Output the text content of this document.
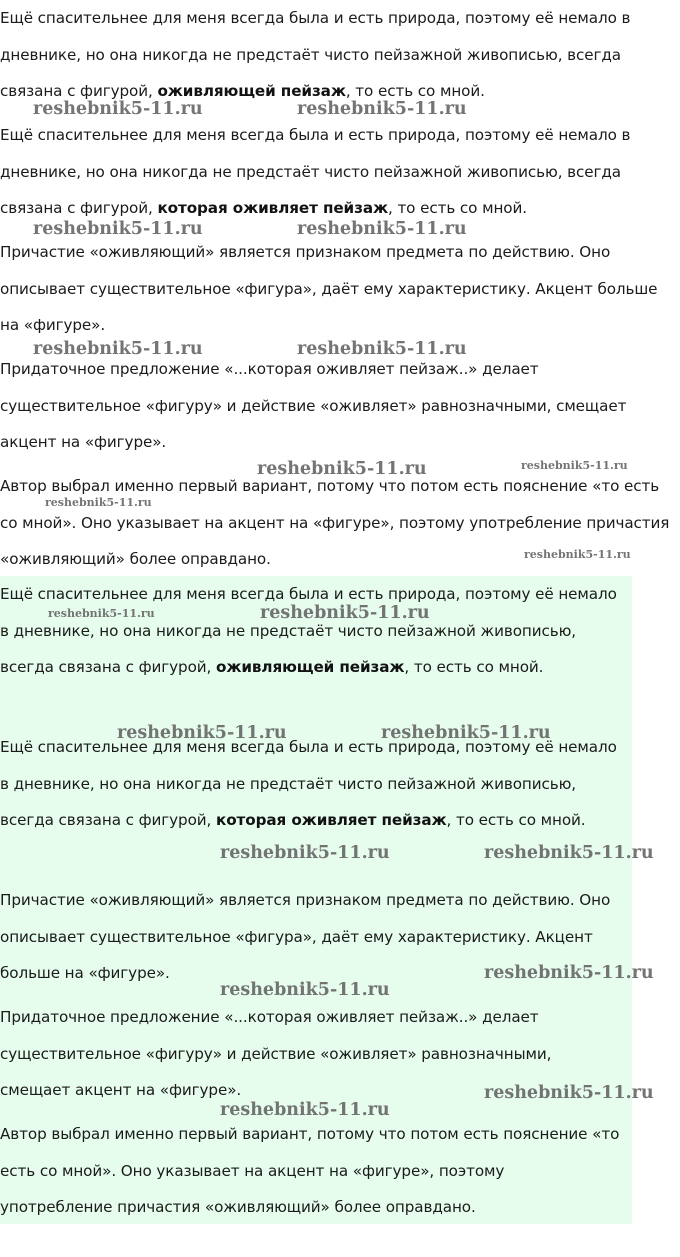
Ещё спасительнее для меня всегда была и есть природа, поэтому её немало в дневнике, но она никогда не предстаёт чисто пейзажной живописью, всегда связана с фигурой, оживляющей пейзаж, то есть со мной.

Ещё спасительнее для меня всегда была и есть природа, поэтому её немало в дневнике, но она никогда не предстаёт чисто пейзажной живописью, всегда связана с фигурой, которая оживляет пейзаж, то есть со мной.

Причастие «оживляющий» является признаком предмета по действию. Оно описывает существительное «фигура», даёт ему характеристику. Акцент больше на «фигуре».

Придаточное предложение «...которая оживляет пейзаж..» делает существительное «фигуру» и действие «оживляет» равнозначными, смещает акцент на «фигуре».

Автор выбрал именно первый вариант, потому что потом есть пояснение «то есть со мной». Оно указывает на акцент на «фигуре», поэтому употребление причастия «оживляющий» более оправдано.

Ещё спасительнее для меня всегда была и есть природа, поэтому её немало в дневнике, но она никогда не предстаёт чисто пейзажной живописью, всегда связана с фигурой, оживляющей пейзаж, то есть со мной.

Ещё спасительнее для меня всегда была и есть природа, поэтому её немало в дневнике, но она никогда не предстаёт чисто пейзажной живописью, всегда связана с фигурой, которая оживляет пейзаж, то есть со мной.

Причастие «оживляющий» является признаком предмета по действию. Оно описывает существительное «фигура», даёт ему характеристику. Акцент больше на «фигуре».

Придаточное предложение «...которая оживляет пейзаж..» делает существительное «фигуру» и действие «оживляет» равнозначными, смещает акцент на «фигуре».

Автор выбрал именно первый вариант, потому что потом есть пояснение «то есть со мной». Оно указывает на акцент на «фигуре», поэтому употребление причастия «оживляющий» более оправдано.

reshebnik5-11.ru	reshebnik5-11.ru
reshebnik5-11.ru	reshebnik5-11.ru
reshebnik5-11.ru	reshebnik5-11.ru
reshebnik5-11.ru	reshebnik5-11.ru
reshebnik5-11.ru
reshebnik5-11.ru
reshebnik5-11.ru	reshebnik5-11.ru
reshebnik5-11.ru	reshebnik5-11.ru
reshebnik5-11.ru	reshebnik5-11.ru
reshebnik5-11.ru
reshebnik5-11.ru
reshebnik5-11.ru
reshebnik5-11.ru
